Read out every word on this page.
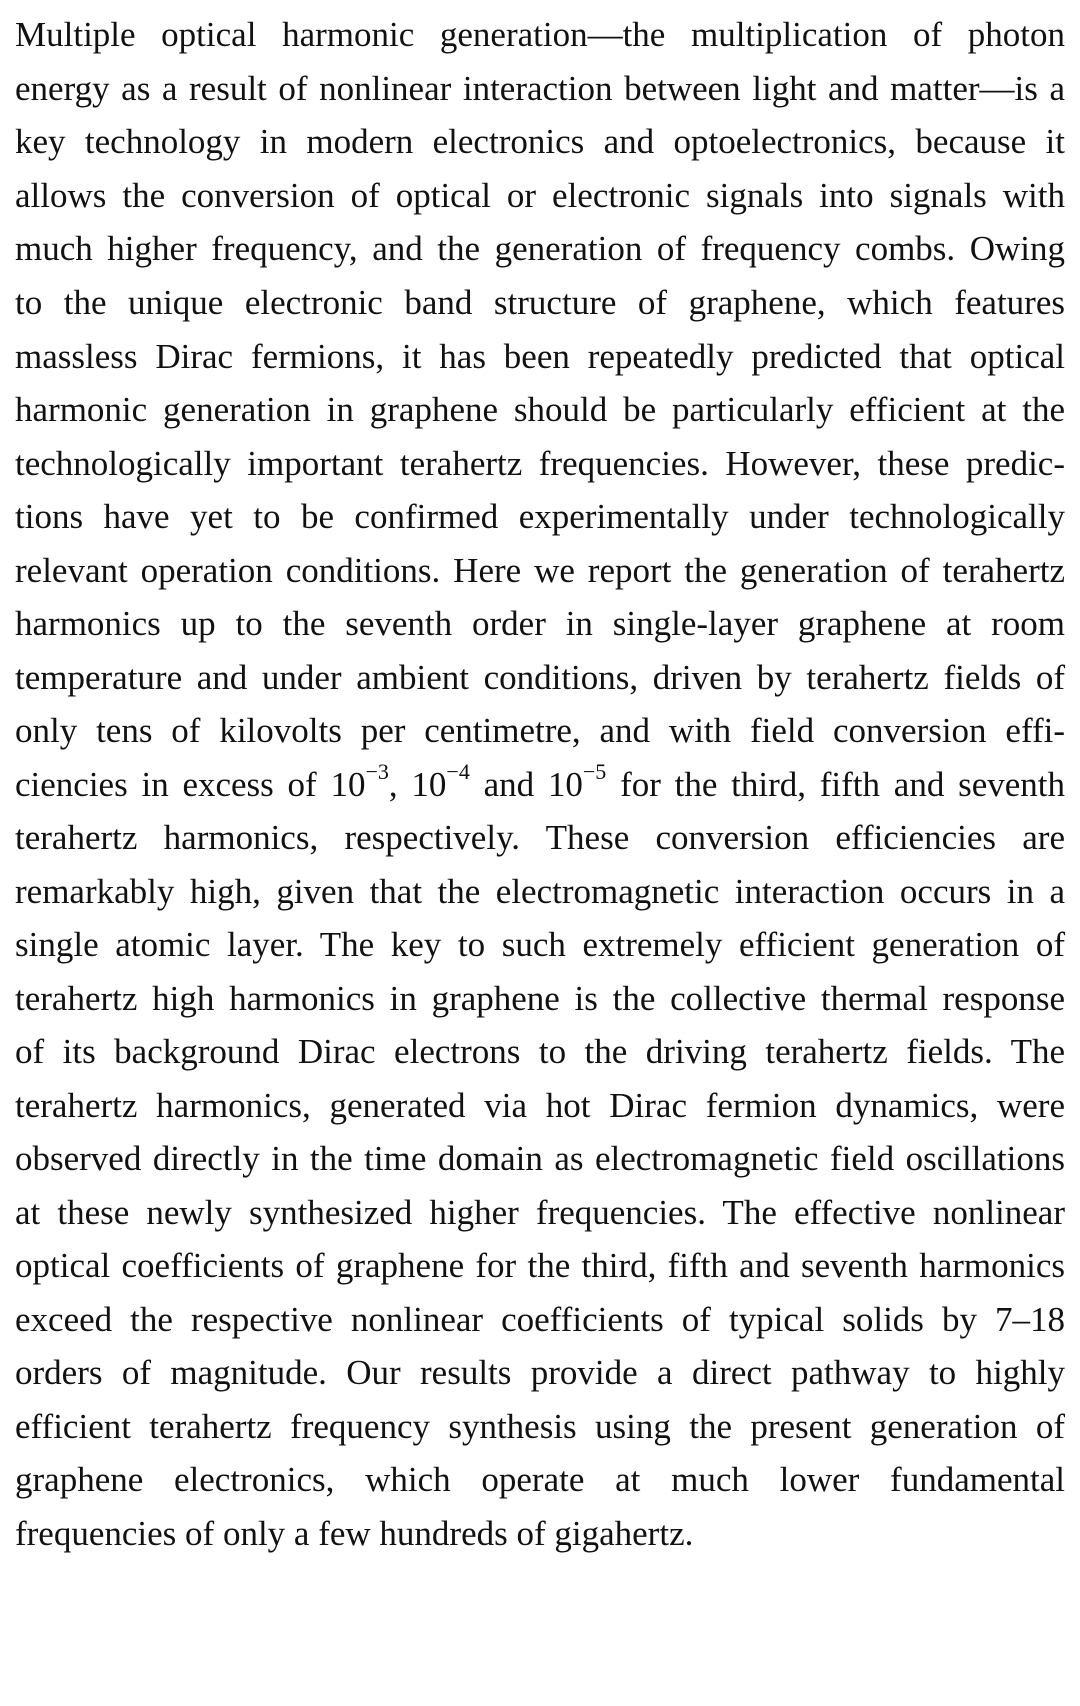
Multiple optical harmonic generation—the multiplication of photon
energy as a result of nonlinear interaction between light and matter—is a
key technology in modern electronics and optoelectronics, because it
allows the conversion of optical or electronic signals into signals with
much higher frequency, and the generation of frequency combs. Owing
to the unique electronic band structure of graphene, which features
massless Dirac fermions, it has been repeatedly predicted that optical
harmonic generation in graphene should be particularly efficient at the
technologically important terahertz frequencies. However, these predic-
tions have yet to be confirmed experimentally under technologically
relevant operation conditions. Here we report the generation of terahertz
harmonics up to the seventh order in single-layer graphene at room
temperature and under ambient conditions, driven by terahertz fields of
only tens of kilovolts per centimetre, and with field conversion effi-
ciencies in excess of $10^{-3}$, $10^{-4}$ and $10^{-5}$ for the third, fifth and seventh
terahertz harmonics, respectively. These conversion efficiencies are
remarkably high, given that the electromagnetic interaction occurs in a
single atomic layer. The key to such extremely efficient generation of
terahertz high harmonics in graphene is the collective thermal response
of its background Dirac electrons to the driving terahertz fields. The
terahertz harmonics, generated via hot Dirac fermion dynamics, were
observed directly in the time domain as electromagnetic field oscillations
at these newly synthesized higher frequencies. The effective nonlinear
optical coefficients of graphene for the third, fifth and seventh harmonics
exceed the respective nonlinear coefficients of typical solids by 7–18
orders of magnitude. Our results provide a direct pathway to highly
efficient terahertz frequency synthesis using the present generation of
graphene electronics, which operate at much lower fundamental
frequencies of only a few hundreds of gigahertz.
